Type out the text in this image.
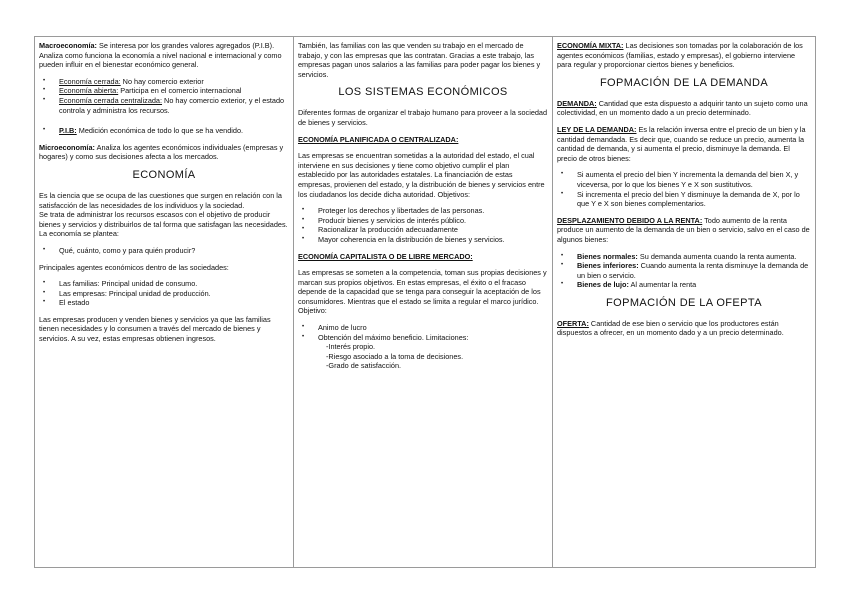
Macroeconomía: Se interesa por los grandes valores agregados (P.I.B). Analiza como funciona la economía a nivel nacional e internacional y como pueden influir en el bienestar económico general.

• Economía cerrada: No hay comercio exterior
• Economía abierta: Participa en el comercio internacional
• Economía cerrada centralizada: No hay comercio exterior, y el estado controla y administra los recursos.
• P.I.B: Medición económica de todo lo que se ha vendido.

Microeconomía: Analiza los agentes económicos individuales (empresas y hogares) y como sus decisiones afecta a los mercados.

ECONOMÍA

Es la ciencia que se ocupa de las cuestiones que surgen en relación con la satisfacción de las necesidades de los individuos y la sociedad.
Se trata de administrar los recursos escasos con el objetivo de producir bienes y servicios y distribuirlos de tal forma que satisfagan las necesidades. La economía se plantea:

• Qué, cuánto, como y para quién producir?

Principales agentes económicos dentro de las sociedades:

• Las familias: Principal unidad de consumo.
• Las empresas: Principal unidad de producción.
• El estado

Las empresas producen y venden bienes y servicios ya que las familias tienen necesidades y lo consumen a través del mercado de bienes y servicios. A su vez, estas empresas obtienen ingresos.

También, las familias con las que venden su trabajo en el mercado de trabajo, y con las empresas que las contratan. Gracias a este trabajo, las empresas pagan unos salarios a las familias para poder pagar los bienes y servicios.

LOS SISTEMAS ECONÓMICOS

Diferentes formas de organizar el trabajo humano para proveer a la sociedad de bienes y servicios.

ECONOMÍA PLANIFICADA O CENTRALIZADA:

Las empresas se encuentran sometidas a la autoridad del estado, el cual interviene en sus decisiones y tiene como objetivo cumplir el plan establecido por las autoridades estatales. La financiación de estas empresas, provienen del estado, y la distribución de bienes y servicios entre los ciudadanos los decide dicha autoridad. Objetivos:

• Proteger los derechos y libertades de las personas.
• Producir bienes y servicios de interés público.
• Racionalizar la producción adecuadamente
• Mayor coherencia en la distribución de bienes y servicios.

ECONOMÍA CAPITALISTA O DE LIBRE MERCADO:

Las empresas se someten a la competencia, toman sus propias decisiones y marcan sus propios objetivos. En estas empresas, el éxito o el fracaso depende de la capacidad que se tenga para conseguir la aceptación de los consumidores. Mientras que el estado se limita a regular el marco jurídico. Objetivo:

• Animo de lucro
• Obtención del máximo beneficio. Limitaciones:
-Interés propio.
-Riesgo asociado a la toma de decisiones.
-Grado de satisfacción.

ECONOMÍA MIXTA: Las decisiones son tomadas por la colaboración de los agentes económicos (familias, estado y empresas), el gobierno interviene para regular y proporcionar ciertos bienes y beneficios.

FOPMACIÓN DE LA DEMANDA

DEMANDA: Cantidad que esta dispuesto a adquirir tanto un sujeto como una colectividad, en un momento dado a un precio determinado.

LEY DE LA DEMANDA: Es la relación inversa entre el precio de un bien y la cantidad demandada. Es decir que, cuando se reduce un precio, aumenta la cantidad de demanda, y si aumenta el precio, disminuye la demanda. El precio de otros bienes:

• Si aumenta el precio del bien Y incrementa la demanda del bien X, y viceversa, por lo que los bienes Y e X son sustitutivos.
• Si incrementa el precio del bien Y disminuye la demanda de X, por lo que Y e X son bienes complementarios.

DESPLAZAMIENTO DEBIDO A LA RENTA: Todo aumento de la renta produce un aumento de la demanda de un bien o servicio, salvo en el caso de algunos bienes:

• Bienes normales: Su demanda aumenta cuando la renta aumenta.
• Bienes inferiores: Cuando aumenta la renta disminuye la demanda de un bien o servicio.
• Bienes de lujo: Al aumentar la renta
FOPMACIÓN DE LA OFEPTA

OFERTA: Cantidad de ese bien o servicio que los productores están dispuestos a ofrecer, en un momento dado y a un precio determinado.
